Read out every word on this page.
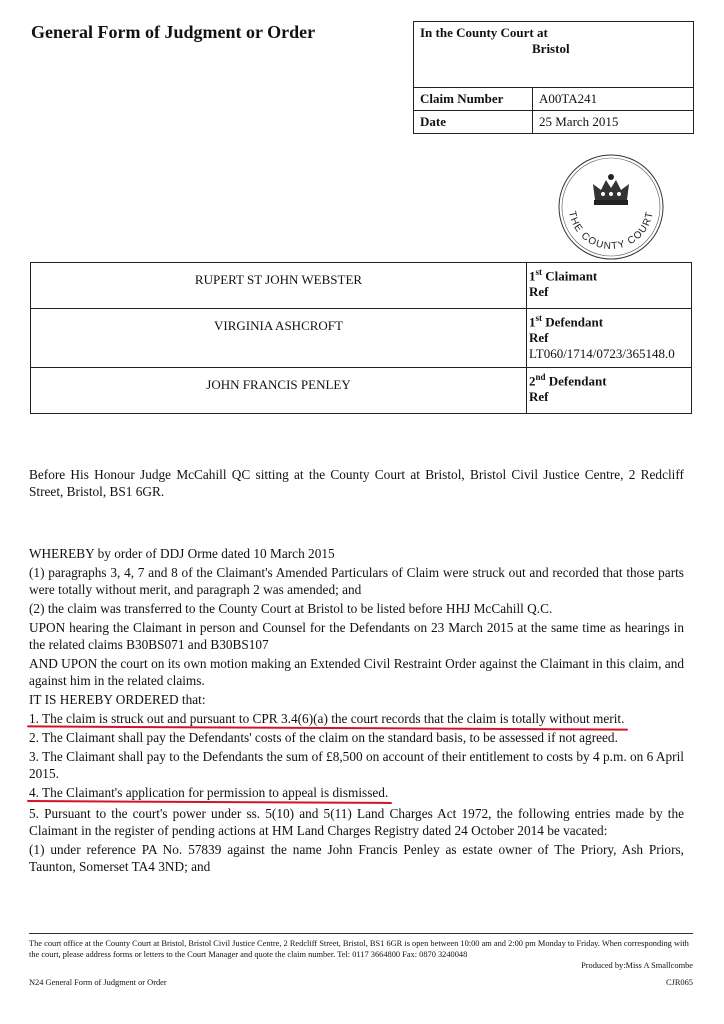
General Form of Judgment or Order	In the County Court at
Bristol	

Claim Number	A00TA241
Date	25 March 2015
THE COUNTY COURT
RUPERT ST JOHN WEBSTER	1st Claimant
Ref
VIRGINIA ASHCROFT	1st Defendant
Ref
LT060/1714/0723/365148.0
JOHN FRANCIS PENLEY	2nd Defendant
Ref
Before His Honour Judge McCahill QC sitting at the County Court at Bristol, Bristol Civil Justice Centre, 2 Redcliff Street, Bristol, BS1 6GR.

WHEREBY by order of DDJ Orme dated 10 March 2015

(1) paragraphs 3, 4, 7 and 8 of the Claimant's Amended Particulars of Claim were struck out and recorded that those parts were totally without merit, and paragraph 2 was amended; and

(2) the claim was transferred to the County Court at Bristol to be listed before HHJ McCahill Q.C.

UPON hearing the Claimant in person and Counsel for the Defendants on 23 March 2015 at the same time as hearings in the related claims B30BS071 and B30BS107

AND UPON the court on its own motion making an Extended Civil Restraint Order against the Claimant in this claim, and against him in the related claims.

IT IS HEREBY ORDERED that:

1. The claim is struck out and pursuant to CPR 3.4(6)(a) the court records that the claim is totally without merit.

2. The Claimant shall pay the Defendants' costs of the claim on the standard basis, to be assessed if not agreed.

3. The Claimant shall pay to the Defendants the sum of £8,500 on account of their entitlement to costs by 4 p.m. on 6 April 2015.

4. The Claimant's application for permission to appeal is dismissed.

5. Pursuant to the court's power under ss. 5(10) and 5(11) Land Charges Act 1972, the following entries made by the Claimant in the register of pending actions at HM Land Charges Registry dated 24 October 2014 be vacated:

(1) under reference PA No. 57839 against the name John Francis Penley as estate owner of The Priory, Ash Priors, Taunton, Somerset TA4 3ND; and

The court office at the County Court at Bristol, Bristol Civil Justice Centre, 2 Redcliff Street, Bristol, BS1 6GR is open between 10:00 am and 2:00 pm Monday to Friday. When corresponding with the court, please address forms or letters to the Court Manager and quote the claim number. Tel: 0117 3664800 Fax: 0870 3240048
Produced by:Miss A Smallcombe
N24 General Form of Judgment or Order	CJR065
